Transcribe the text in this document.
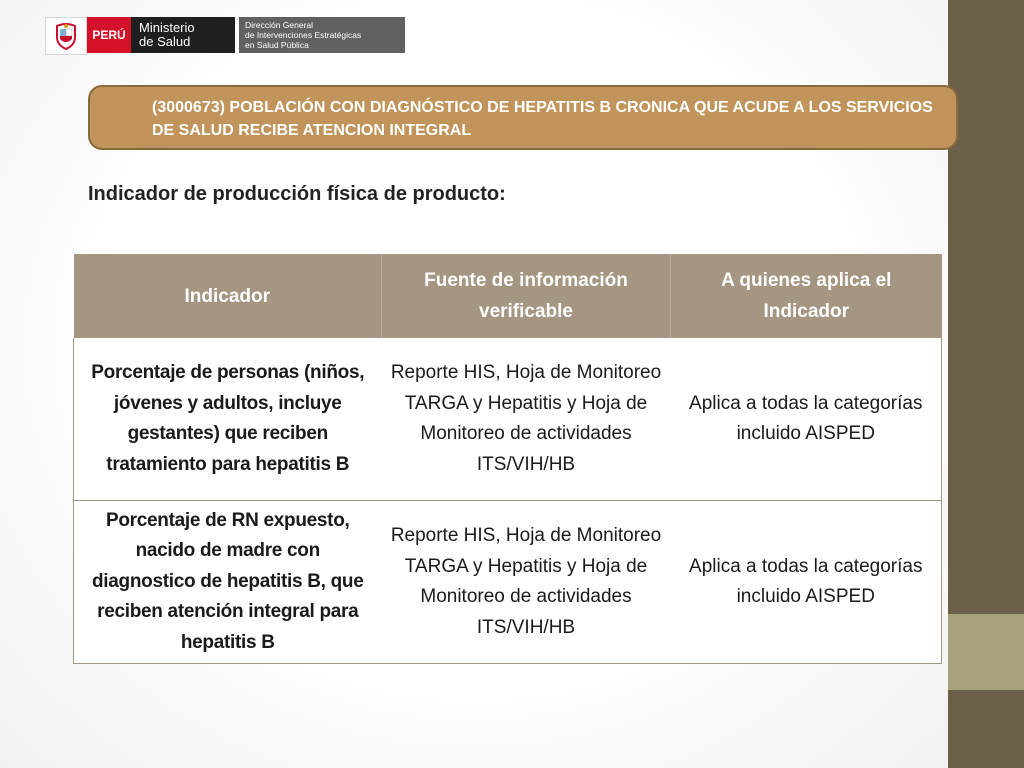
PERÚ	Ministerio
de Salud
Dirección General
de Intervenciones Estratégicas
en Salud Pública
(3000673) POBLACIÓN CON DIAGNÓSTICO DE HEPATITIS B CRONICA QUE ACUDE A LOS SERVICIOS DE SALUD RECIBE ATENCION INTEGRAL
Indicador de producción física de producto:
Indicador	Fuente de información verificable	A quienes aplica el Indicador
Porcentaje de personas (niños, jóvenes y adultos, incluye gestantes) que reciben tratamiento para hepatitis B	Reporte HIS, Hoja de Monitoreo TARGA y Hepatitis y Hoja de Monitoreo de actividades ITS/VIH/HB	Aplica a todas la categorías incluido AISPED
Porcentaje de RN expuesto, nacido de madre con diagnostico de hepatitis B, que reciben atención integral para hepatitis B	Reporte HIS, Hoja de Monitoreo TARGA y Hepatitis y Hoja de Monitoreo de actividades ITS/VIH/HB	Aplica a todas la categorías incluido AISPED
